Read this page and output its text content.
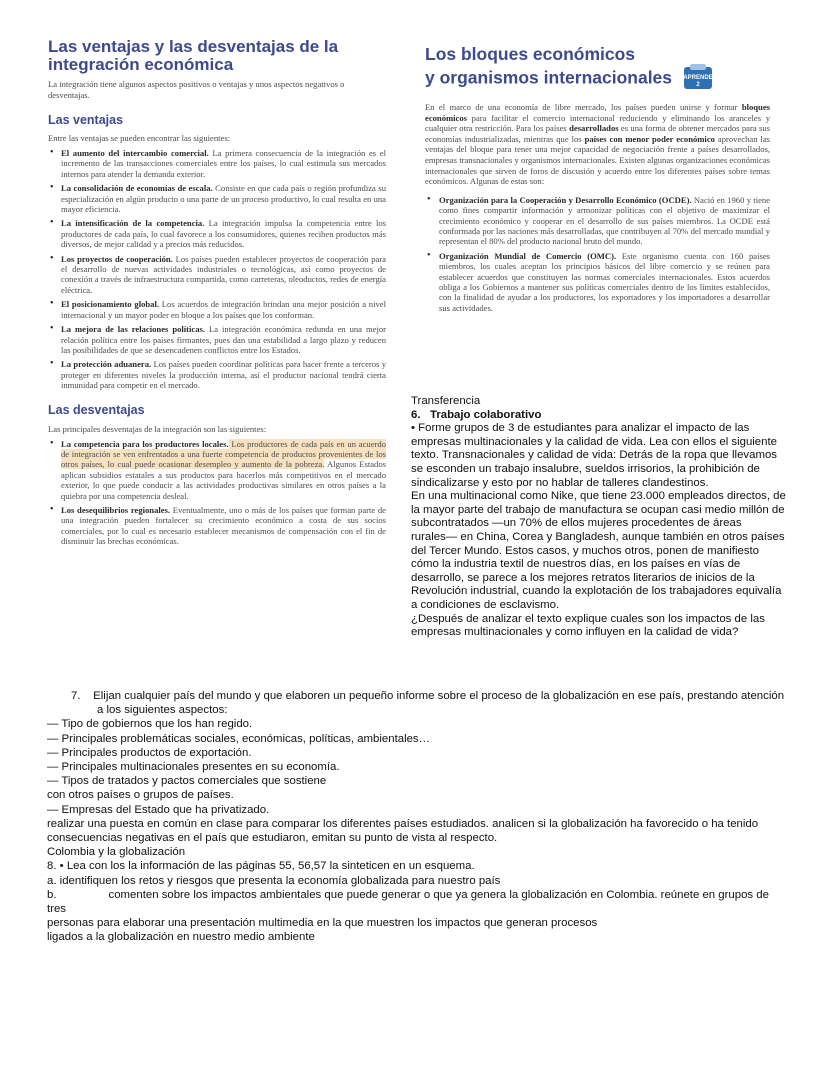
Las ventajas y las desventajas de la integración económica

La integración tiene algunos aspectos positivos o ventajas y unos aspectos negativos o desventajas.

Las ventajas

Entre las ventajas se pueden encontrar las siguientes:

• El aumento del intercambio comercial. La primera consecuencia de la integración es el incremento de las transacciones comerciales entre los países, lo cual estimula sus mercados internos para atender la demanda exterior.
• La consolidación de economías de escala. Consiste en que cada país o región profundiza su especialización en algún producto o una parte de un proceso productivo, lo cual resulta en una mayor eficiencia.
• La intensificación de la competencia. La integración impulsa la competencia entre los productores de cada país, lo cual favorece a los consumidores, quienes reciben productos más diversos, de mejor calidad y a precios más reducidos.
• Los proyectos de cooperación. Los países pueden establecer proyectos de cooperación para el desarrollo de nuevas actividades industriales o tecnológicas, así como proyectos de conexión a través de infraestructura compartida, como carreteras, oleoductos, redes de energía eléctrica.
• El posicionamiento global. Los acuerdos de integración brindan una mejor posición a nivel internacional y un mayor poder en bloque a los países que los conforman.
• La mejora de las relaciones políticas. La integración económica redunda en una mejor relación política entre los países firmantes, pues dan una estabilidad a largo plazo y reducen las posibilidades de que se desencadenen conflictos entre los Estados.
• La protección aduanera. Los países pueden coordinar políticas para hacer frente a terceros y proteger en diferentes niveles la producción interna, así el productor nacional tendrá cierta inmunidad para competir en el mercado.
Las desventajas

Las principales desventajas de la integración son las siguientes:

• La competencia para los productores locales. Los productores de cada país en un acuerdo de integración se ven enfrentados a una fuerte competencia de productos provenientes de los otros países, lo cual puede ocasionar desempleo y aumento de la pobreza. Algunos Estados aplican subsidios estatales a sus productos para hacerlos más competitivos en el mercado exterior, lo que puede conducir a las actividades productivas similares en otros países a la quiebra por una competencia desleal.
• Los desequilibrios regionales. Eventualmente, uno o más de los países que forman parte de una integración pueden fortalecer su crecimiento económico a costa de sus socios comerciales, por lo cual es necesario establecer mecanismos de compensación con el fin de disminuir las brechas económicas.
Los bloques económicos
y organismos internacionales APRENDE
2

En el marco de una economía de libre mercado, los países pueden unirse y formar bloques económicos para facilitar el comercio internacional reduciendo y eliminando los aranceles y cualquier otra restricción. Para los países desarrollados es una forma de obtener mercados para sus economías industrializadas, mientras que los países con menor poder económico aprovechan las ventajas del bloque para tener una mejor capacidad de negociación frente a países desarrollados, empresas transnacionales y organismos internacionales. Existen algunas organizaciones económicas internacionales que sirven de foros de discusión y acuerdo entre los diferentes países sobre temas económicos. Algunas de estas son:

• Organización para la Cooperación y Desarrollo Económico (OCDE). Nació en 1960 y tiene como fines compartir información y armonizar políticas con el objetivo de maximizar el crecimiento económico y cooperar en el desarrollo de sus países miembros. La OCDE está conformada por las naciones más desarrolladas, que contribuyen al 70% del mercado mundial y representan el 80% del producto nacional bruto del mundo.
• Organización Mundial de Comercio (OMC). Este organismo cuenta con 160 países miembros, los cuales aceptan los principios básicos del libre comercio y se reúnen para establecer acuerdos que constituyen las normas comerciales internacionales. Estos acuerdos obliga a los Gobiernos a mantener sus políticas comerciales dentro de los límites establecidos, con la finalidad de ayudar a los productores, los exportadores y los importadores a desarrollar sus actividades.

Transferencia

6. Trabajo colaborativo

• Forme grupos de 3 de estudiantes para analizar el impacto de las

empresas multinacionales y la calidad de vida. Lea con ellos el siguiente

texto. Transnacionales y calidad de vida: Detrás de la ropa que llevamos

se esconden un trabajo insalubre, sueldos irrisorios, la prohibición de

sindicalizarse y esto por no hablar de talleres clandestinos.

En una multinacional como Nike, que tiene 23.000 empleados directos, de

la mayor parte del trabajo de manufactura se ocupan casi medio millón de

subcontratados —un 70% de ellos mujeres procedentes de áreas

rurales— en China, Corea y Bangladesh, aunque también en otros países

del Tercer Mundo. Estos casos, y muchos otros, ponen de manifiesto

cómo la industria textil de nuestros días, en los países en vías de

desarrollo, se parece a los mejores retratos literarios de inicios de la

Revolución industrial, cuando la explotación de los trabajadores equivalía

a condiciones de esclavismo.

¿Después de analizar el texto explique cuales son los impactos de las

empresas multinacionales y como influyen en la calidad de vida?

7. Elijan cualquier país del mundo y que elaboren un pequeño informe sobre el proceso de la globalización en ese país, prestando atención

a los siguientes aspectos:

— Tipo de gobiernos que los han regido.

— Principales problemáticas sociales, económicas, políticas, ambientales…

— Principales productos de exportación.

— Principales multinacionales presentes en su economía.

— Tipos de tratados y pactos comerciales que sostiene

con otros países o grupos de países.

— Empresas del Estado que ha privatizado.

realizar una puesta en común en clase para comparar los diferentes países estudiados. analicen si la globalización ha favorecido o ha tenido

consecuencias negativas en el país que estudiaron, emitan su punto de vista al respecto.

Colombia y la globalización

8. • Lea con los la información de las páginas 55, 56,57 la sinteticen en un esquema.

a. identifiquen los retos y riesgos que presenta la economía globalizada para nuestro país

b.	comenten sobre los impactos ambientales que puede generar o que ya genera la globalización en Colombia. reúnete en grupos de tres

personas para elaborar una presentación multimedia en la que muestren los impactos que generan procesos

ligados a la globalización en nuestro medio ambiente
